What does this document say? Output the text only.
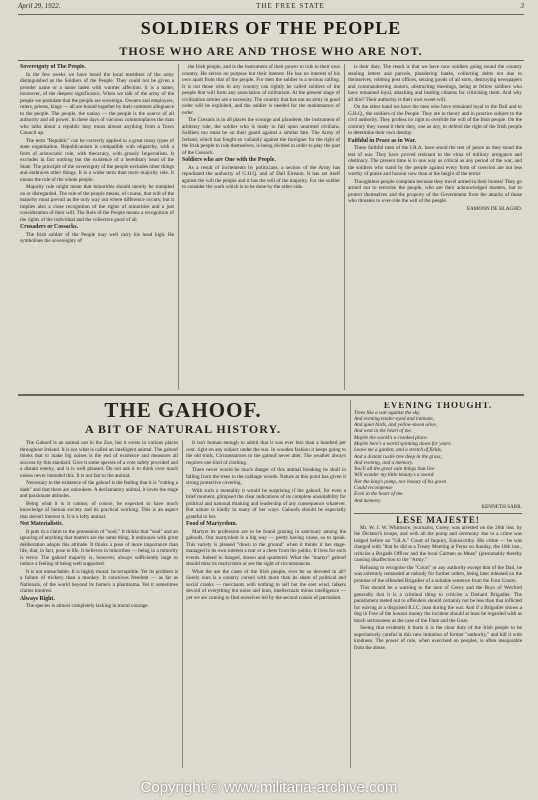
April 29, 1922.	THE FREE STATE	3
SOLDIERS OF THE PEOPLE
THOSE WHO ARE AND THOSE WHO ARE NOT.

Sovereignty of The People.

In the few weeks we have heard the local members of the army distinguished as the Soldiers of the People. They could not be given a prouder name or a name laden with warmer affection. It is a name, moreover, of the deepest significance. When we talk of the army of the people we postulate that the people are sovereign. Owners and employers, rulers, priests, kings — all are bound together by their common allegiance to the people. The people, the nation — the people is the source of all authority and all power. In these days of vacuous commonplaces the man who talks about a republic may mean almost anything from a Town Council up.

The term "Republic" can be correctly applied to a great many types of state organisation. Republicanism is compatible with oligarchy, with a form of aristocratic rule, with theocracy, with grossly Imperialism. It excludes in fact nothing but the existence of a hereditary head of the State. The principle of the sovereignty of the people excludes other things and embraces other things. It is a wider term than mere majority rule. It means the rule of the whole people.

Majority rule might mean that minorities should merely be trampled on or disregarded. The rule of the people means, of course, that will of the majority must prevail as the only way out where difference occurs; but it implies also a close recognition of the rights of minorities and a just consideration of their will. The Rule of the People means a recognition of the rights of the individual and the collective good of all.

Crusaders or Cossacks.

The Irish soldier of the People may well carry his head high. He symbolises the sovereignty of

the Irish people, and is the instrument of their power to rule in their own country. He serves no purpose but their interest. He has no interest of his own apart from that of the people. For men the soldier is a serious calling. It is not those who in any country can rightly be called soldiers of the people that will form any association of militarism. At the present stage of civilisation armies are a necessity. The country that has not an army in good order will be exploited, and the soldier is needed for the maintenance of order.

The Cossack is in all places the scourge and plunderer, the instrument of arbitrary rule, the soldier who is ready to fall upon unarmed civilians. Soldiers too must be on their guard against a similar fate. The Army of Ireland, which has fought so valiantly against the foreigner for the right of the Irish people to rule themselves, is being divided in order to play the part of the Cossack.

Soldiers who are One with the People.

As a result of incitements by politicians, a section of the Army has repudiated the authority of G.H.Q. and of Dail Eireann. It has set itself against the will the people and it has the will of the majority. For the soldier to consider the work which is to be done by the other side.

is their duty. The result is that we have now soldiers going round the country stealing letters and parcels, plundering banks, collecting debts not due to themselves, robbing post offices, seizing goods of all sorts, destroying newspapers and commandeering motors, obstructing meetings, being at fellow soldiers who have remained loyal, attacking and beating citizens for criticising them. And why all this? Their authority is their own sweet will.

On the other hand we have the men who have remained loyal to the Dail and to G.H.Q., the soldiers of the People. They are in theory and in practice subject to the civil authority. They profess no right to override the will of the Irish people. On the contrary they sweat it their duty, one as any, to defend the right of the Irish people to determine their own destiny.

Faithful in Peace as in War.

These faithful men of the I.R.A. have stood the test of peace as they stood the test of war. They have proved resistant to the virus of military arrogance and obstinacy. The present time is in one way as critical as any period of the war, and the soldiers who stand by the people against every form of coercion are not less worthy of praise and honour now than at the height of the terror.

Thoughtless people complain because they travel armed in their homes! They go armed not to terrorise the people, who are their acknowledged masters, but to protect themselves and the property of the Government from the attacks of those who threaten to over-ride the will of the people.

EAMONN DE BLAGHD.

THE GAHOOF.
A BIT OF NATURAL HISTORY.

The Gahoof is an animal not in the Zoo, but it exists in various places throughout Ireland. It is not what is called an intelligent animal. The gahoof thinks that to make big noises is the end of existence and measures all success by this standard. Give it some species of a vote safely provided and a distant enemy, and it is well pleased. Do not ask it to think over much unless never intended this. It is not fair to the animal.

Necessary to the existence of the gahoof is the feeling that it is "cutting a dash" and that there are onlookers. A declamatory animal, it loves the stage and passionate attitudes.

Being what it is it cannot, of course, be expected to have much knowledge of human society and its practical working. This is an aspect that doesn't interest it. It is a lofty animal.

Not Materialistic.

It puts in a claim to the possession of "soul." It thinks that "soul" and an ignoring of anything that matters are the same thing. It embraces with great deliberation adopts this attitude. It thinks a pose of more importance than life, that, in fact, pose is life. It believes in minorities — being in a minority is terror. The gahoof majority is, however, always sufficiently large to induce a feeling of being well supported.

It is not unteachable. It is highly moral. Incorruptible. Yet its problem is a failure of trickery than a monkey. It conceives freedom — as far as Nationals, of the world beyond its home's a phantasma. Yet it sometimes claims kindred.

Always Right.

The species is almost completely lacking in moral courage.

It isn't human enough to admit that it was ever less than a hundred per cent. right on any subject under the sun. In wooden fashion it keeps going to the old track. Circumstances to the gahoof never alter. The weather always requires one kind of clothing.

There never would be much danger of this animal breaking its skull in falling from the trees to the cabbage woods. Nature at this point has given it strong protective covering.

With such a mentality it would be surprising if the gahoof, for even a brief moment, glimpsed the clear indications of its complete unsuitability for political and national thinking and leadership of any consequence whatever. But nature is kindly in many of her ways. Gahoofs should be especially grateful to her.

Food of Martyrdom.

Martyrs its profession are to be found grazing in sanctuary among the gahoofs. Our martyrdom is a big way — pretty having cause, so to speak. This variety is pleased "down to the ground" when it thinks it has stage-managed in its own interest a tear or a cheer from the public. It lives for such events. Indeed to hanged, drawn and quartered. What the "martyr" gahoof should miss its martyrdom or see the sight of circumstances.

What the are the cases of the Irish people, ever be so devoted in all? Surely ours is a country cursed with more than its share of political and social cranks — merchants with nothing to sell but the east wind, talkers devoid of everything but noise and hunt, intellectuals minus intelligence — yet we are coming to find ourselves led by the second cousin of patriotism.

EVENING THOUGHT.

Trees like a war against the sky,

And evening tender-eyed and intimate,

And quiet birds, and yellow-moon alive,

And west in the heart of me.

Maybe the world's a crooked place.

Maybe here's a world spinning down for years.

Leave me a garden, and a stretch of fields,

And a distant rustle tree deep in the grass,

And evening, and a memory.

You'll all the great vain things that live

Will wonder my little beauty's a sword.

Nor the king's pomp, nor beauty of his gown

Could recompense

Even in the heart of me.

And memory.

KENNETH SARR.

LESE MAJESTE!

Mr. W. J. W. Whitmore, journalist, Gorey, was arrested on the 26th inst. by the Dictator's troops, and with all the pomp and ceremony due to a crime was lodged before an "I.R.A." Court of Inquiry, Enniscorthy. His crime — he was charged with "that he did at a Treaty Meeting at Ferns on Sunday, the 16th inst., criticise a Brigade Officer and the local Carmen as Mean" (presumably thereby causing disaffection to the "Army."

Refusing to recognise the "Court" or any authority except that of the Dail, he was solemnly remanded at nobody for further orders, being later released on the promise of the offended Brigadier of a suitable sentence from the Four Courts.

This should be a warning to the men of Gorey and the Boys of Wexford generally that it is a criminal thing to criticise a Diehard Brigadier. The punishment meted out to offenders should certainly not be less than that inflicted for waving at a disguised R.I.C. man during the war. And if a Brigadier shows a dog in Free of the honour money the incident should at least be regarded with as much seriousness as the case of the Flute and the Goat.

Seeing that evidently it hurts it is the clear duty of the Irish people to be superlatively careful in this new imitation of former "authority," and kill it with kindness. The power of rule, when exercised on peoples, is often inseparable from the abuse.

Copyright © www.militaria-archive.com
